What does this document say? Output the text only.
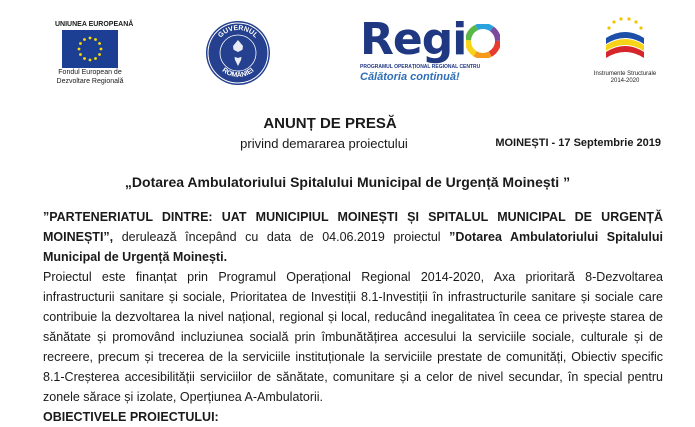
UNIUNEA EUROPEANĂ
Fondul European de
Dezvoltare Regională
GUVERNUL
ROMÂNIEI
Regi
PROGRAMUL OPERAȚIONAL REGIONAL CENTRU
Călătoria continuă!	Instrumente Structurale
2014-2020
ANUNȚ DE PRESĂ
privind demararea proiectului	MOINEȘTI - 17 Septembrie 2019
„Dotarea Ambulatoriului Spitalului Municipal de Urgență Moinești ”

”PARTENERIATUL DINTRE: UAT MUNICIPIUL MOINEȘTI ȘI SPITALUL MUNICIPAL DE URGENȚĂ MOINEȘTI”, derulează începând cu data de 04.06.2019 proiectul ”Dotarea Ambulatoriului Spitalului Municipal de Urgență Moinești.

Proiectul este finanțat prin Programul Operațional Regional 2014-2020, Axa prioritară 8-Dezvoltarea infrastructurii sanitare și sociale, Prioritatea de Investiții 8.1-Investiții în infrastructurile sanitare și sociale care contribuie la dezvoltarea la nivel național, regional și local, reducând inegalitatea în ceea ce privește starea de sănătate și promovând incluziunea socială prin îmbunătățirea accesului la serviciile sociale, culturale și de recreere, precum și trecerea de la serviciile instituționale la serviciile prestate de comunități, Obiectiv specific 8.1-Creșterea accesibilității serviciilor de sănătate, comunitare și a celor de nivel secundar, în special pentru zonele sărace și izolate, Operțiunea A-Ambulatorii.

OBIECTIVELE PROIECTULUI:
